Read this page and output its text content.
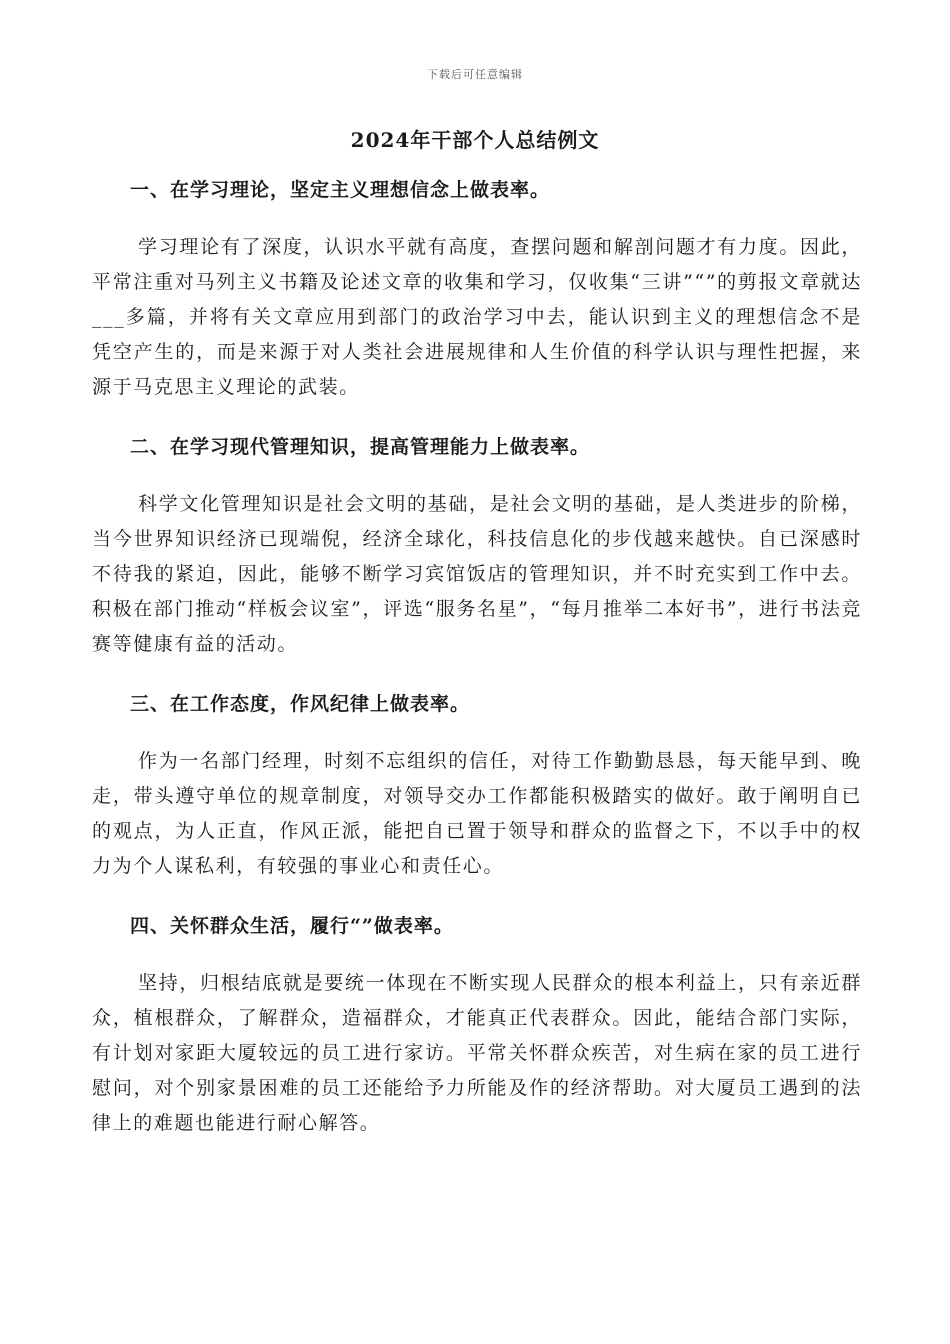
下载后可任意编辑
2024年干部个人总结例文
一、在学习理论，坚定主义理想信念上做表率。
学习理论有了深度，认识水平就有高度，查摆问题和解剖问题才有力度。因此，平常注重对马列主义书籍及论述文章的收集和学习，仅收集“三讲”“”的剪报文章就达___多篇，并将有关文章应用到部门的政治学习中去，能认识到主义的理想信念不是凭空产生的，而是来源于对人类社会进展规律和人生价值的科学认识与理性把握，来源于马克思主义理论的武装。
二、在学习现代管理知识，提高管理能力上做表率。
科学文化管理知识是社会文明的基础，是社会文明的基础，是人类进步的阶梯，当今世界知识经济已现端倪，经济全球化，科技信息化的步伐越来越快。自已深感时不待我的紧迫，因此，能够不断学习宾馆饭店的管理知识，并不时充实到工作中去。积极在部门推动“样板会议室”，评选“服务名星”，“每月推举二本好书”，进行书法竞赛等健康有益的活动。
三、在工作态度，作风纪律上做表率。
作为一名部门经理，时刻不忘组织的信任，对待工作勤勤恳恳，每天能早到、晚走，带头遵守单位的规章制度，对领导交办工作都能积极踏实的做好。敢于阐明自已的观点，为人正直，作风正派，能把自已置于领导和群众的监督之下，不以手中的权力为个人谋私利，有较强的事业心和责任心。
四、关怀群众生活，履行“”做表率。
坚持，归根结底就是要统一体现在不断实现人民群众的根本利益上，只有亲近群众，植根群众，了解群众，造福群众，才能真正代表群众。因此，能结合部门实际，有计划对家距大厦较远的员工进行家访。平常关怀群众疾苦，对生病在家的员工进行慰问，对个别家景困难的员工还能给予力所能及作的经济帮助。对大厦员工遇到的法律上的难题也能进行耐心解答。
